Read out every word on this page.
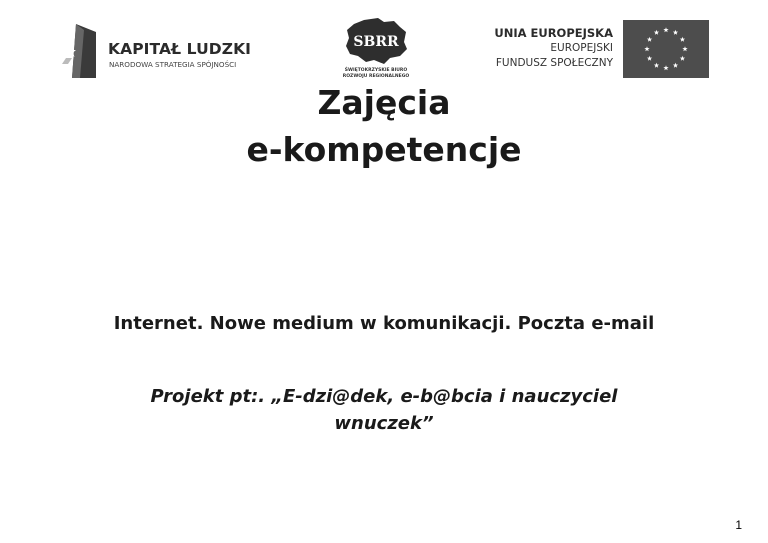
KAPITAŁ LUDZKI
NARODOWA STRATEGIA SPÓJNOŚCI
SBRR
ŚWIĘTOKRZYSKIE BIURO
ROZWOJU REGIONALNEGO
UNIA EUROPEJSKA
EUROPEJSKI
FUNDUSZ SPOŁECZNY
Zajęcia
e-kompetencje
Internet. Nowe medium w komunikacji. Poczta e-mail
Projekt pt:. „E-dzi@dek, e-b@bcia i nauczyciel wnuczek”
1
